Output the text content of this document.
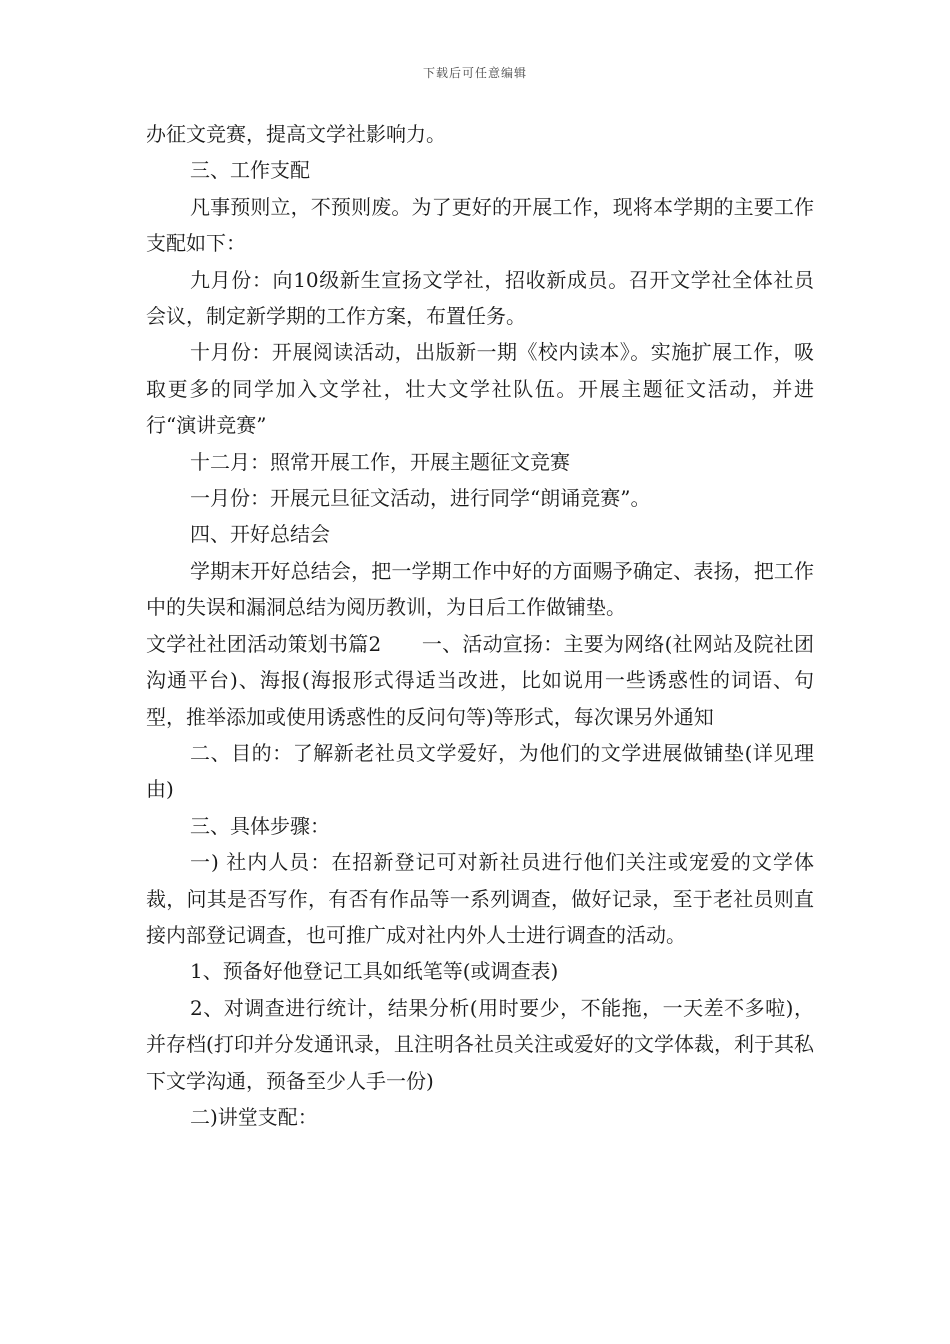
下载后可任意编辑

办征文竞赛，提高文学社影响力。

三、工作支配

凡事预则立，不预则废。为了更好的开展工作，现将本学期的主要工作支配如下：

九月份：向10级新生宣扬文学社，招收新成员。召开文学社全体社员会议，制定新学期的工作方案，布置任务。

十月份：开展阅读活动，出版新一期《校内读本》。实施扩展工作，吸取更多的同学加入文学社，壮大文学社队伍。开展主题征文活动，并进行“演讲竞赛”

十二月：照常开展工作，开展主题征文竞赛

一月份：开展元旦征文活动，进行同学“朗诵竞赛”。

四、开好总结会

学期末开好总结会，把一学期工作中好的方面赐予确定、表扬，把工作中的失误和漏洞总结为阅历教训，为日后工作做铺垫。

文学社社团活动策划书篇2　　一、活动宣扬：主要为网络(社网站及院社团沟通平台)、海报(海报形式得适当改进，比如说用一些诱惑性的词语、句型，推举添加或使用诱惑性的反问句等)等形式，每次课另外通知

二、目的：了解新老社员文学爱好，为他们的文学进展做铺垫(详见理由)

三、具体步骤：

一) 社内人员：在招新登记可对新社员进行他们关注或宠爱的文学体裁，问其是否写作，有否有作品等一系列调查，做好记录，至于老社员则直接内部登记调查，也可推广成对社内外人士进行调查的活动。

1、预备好他登记工具如纸笔等(或调查表)

2、对调查进行统计，结果分析(用时要少，不能拖，一天差不多啦)，并存档(打印并分发通讯录，且注明各社员关注或爱好的文学体裁，利于其私下文学沟通，预备至少人手一份)

二)讲堂支配：
